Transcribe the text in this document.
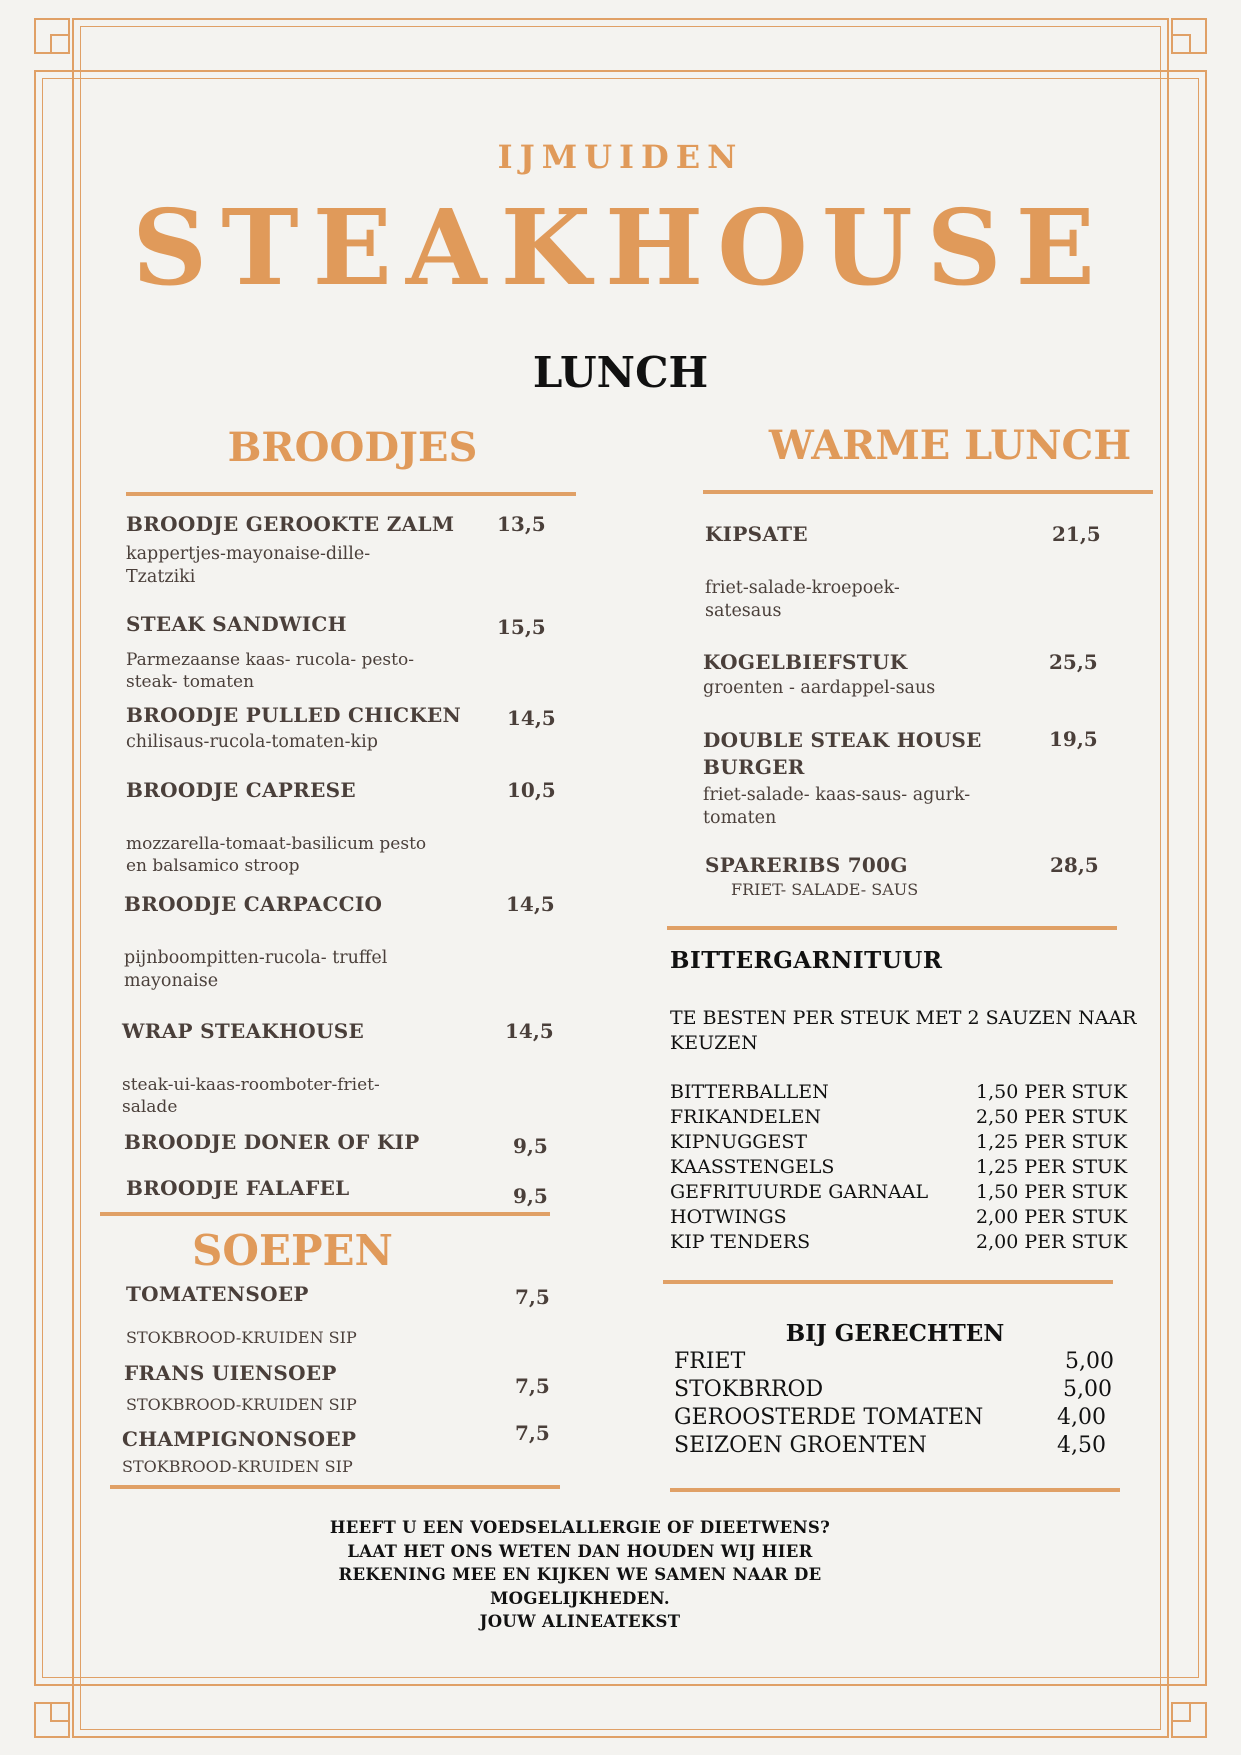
IJMUIDEN
STEAKHOUSE
LUNCH
BROODJES
BROODJE GEROOKTE ZALM 13,5
kappertjes-mayonaise-dille-
Tzatziki
STEAK SANDWICH	15,5
Parmezaanse kaas- rucola- pesto-
steak- tomaten
BROODJE PULLED CHICKEN 14,5
chilisaus-rucola-tomaten-kip
BROODJE CAPRESE	10,5
mozzarella-tomaat-basilicum pesto
en balsamico stroop
BROODJE CARPACCIO	14,5
pijnboompitten-rucola- truffel
mayonaise
WRAP STEAKHOUSE	14,5
steak-ui-kaas-roomboter-friet-
salade
BROODJE DONER OF KIP	9,5
BROODJE FALAFEL	9,5
SOEPEN
TOMATENSOEP	7,5
STOKBROOD-KRUIDEN SIP
FRANS UIENSOEP
7,5
STOKBROOD-KRUIDEN SIP
CHAMPIGNONSOEP	7,5
STOKBROOD-KRUIDEN SIP
WARME LUNCH
KIPSATE	21,5
friet-salade-kroepoek-
satesaus
KOGELBIEFSTUK	25,5
groenten - aardappel-saus
DOUBLE STEAK HOUSE
BURGER
19,5
friet-salade- kaas-saus- agurk-
tomaten
SPARERIBS 700G	28,5
FRIET- SALADE- SAUS
BITTERGARNITUUR
TE BESTEN PER STEUK MET 2 SAUZEN NAAR
KEUZEN
BITTERBALLEN	1,50 PER STUK
FRIKANDELEN	2,50 PER STUK
KIPNUGGEST	1,25 PER STUK
KAASSTENGELS	1,25 PER STUK
GEFRITUURDE GARNAAL	1,50 PER STUK
HOTWINGS	2,00 PER STUK
KIP TENDERS	2,00 PER STUK
BIJ GERECHTEN
FRIET	5,00
STOKBRROD	5,00
GEROOSTERDE TOMATEN	4,00
SEIZOEN GROENTEN	4,50
HEEFT U EEN VOEDSELALLERGIE OF DIEETWENS?
LAAT HET ONS WETEN DAN HOUDEN WIJ HIER
REKENING MEE EN KIJKEN WE SAMEN NAAR DE
MOGELIJKHEDEN.
JOUW ALINEATEKST
